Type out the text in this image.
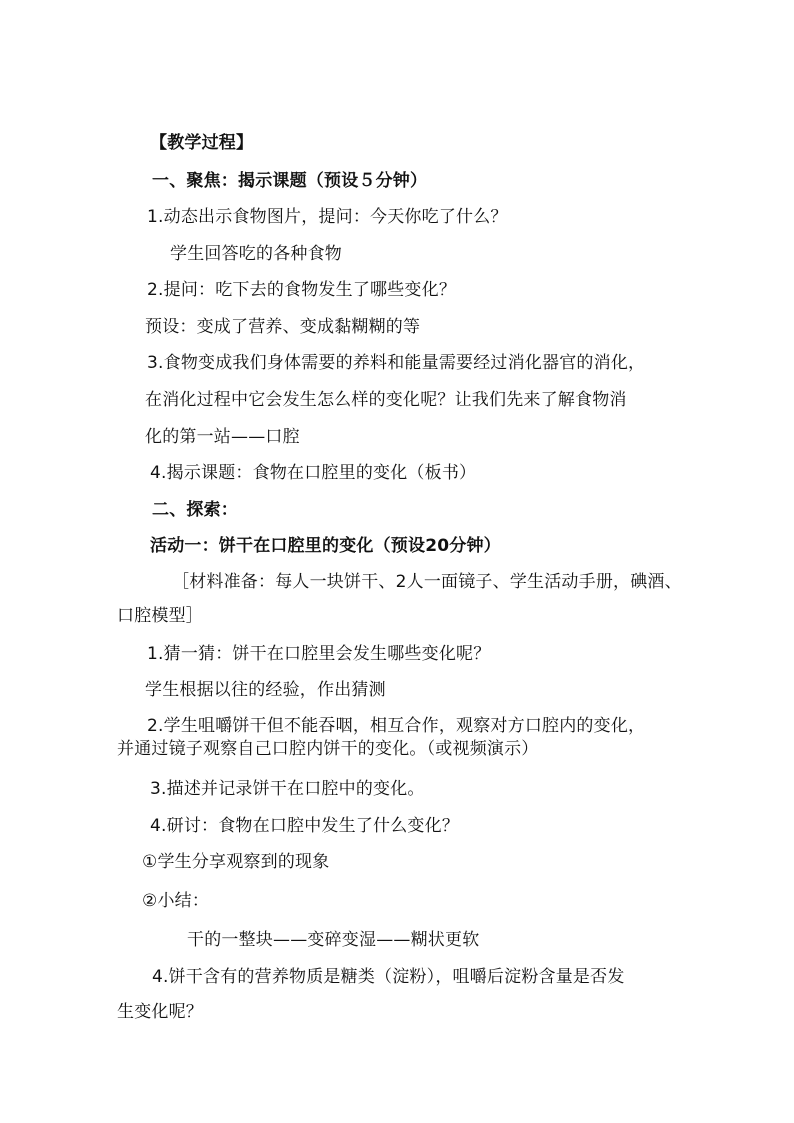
【教学过程】
一、聚焦：揭示课题（预设５分钟）
1.动态出示食物图片，提问：今天你吃了什么？
学生回答吃的各种食物
2.提问：吃下去的食物发生了哪些变化？
预设：变成了营养、变成黏糊糊的等
3.食物变成我们身体需要的养料和能量需要经过消化器官的消化，
在消化过程中它会发生怎么样的变化呢？让我们先来了解食物消
化的第一站——口腔
4.揭示课题：食物在口腔里的变化（板书）
二、探索：
活动一：饼干在口腔里的变化（预设20分钟）
［材料准备：每人一块饼干、2人一面镜子、学生活动手册，碘酒、
口腔模型］
1.猜一猜：饼干在口腔里会发生哪些变化呢？
学生根据以往的经验，作出猜测
2.学生咀嚼饼干但不能吞咽，相互合作，观察对方口腔内的变化，
并通过镜子观察自己口腔内饼干的变化。（或视频演示）
3.描述并记录饼干在口腔中的变化。
4.研讨：食物在口腔中发生了什么变化？
①学生分享观察到的现象
②小结：
干的一整块——变碎变湿——糊状更软
4.饼干含有的营养物质是糖类（淀粉），咀嚼后淀粉含量是否发
生变化呢？
